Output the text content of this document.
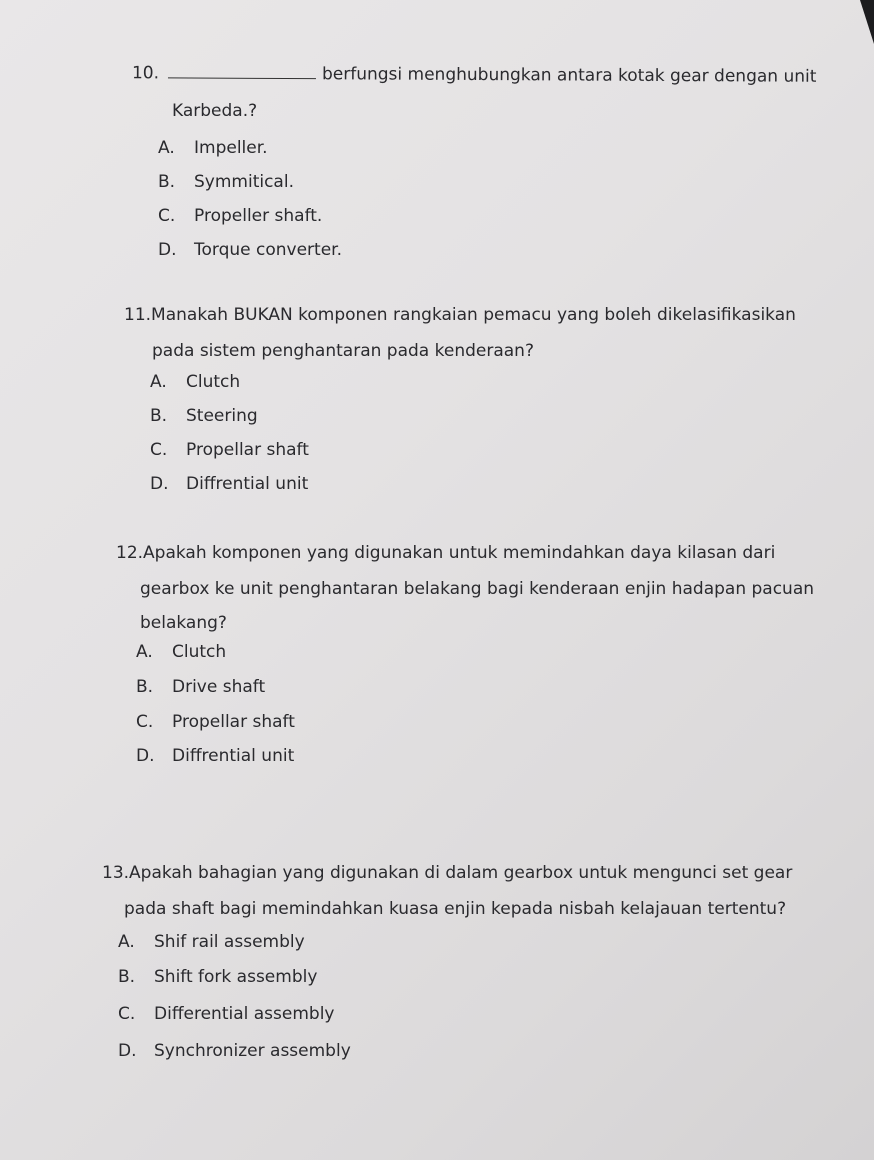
10.	berfungsi menghubungkan antara kotak gear dengan unit
Karbeda.?
A. Impeller.
B. Symmitical.
C. Propeller shaft.
D. Torque converter.
11.Manakah BUKAN komponen rangkaian pemacu yang boleh dikelasifikasikan
pada sistem penghantaran pada kenderaan?
A. Clutch
B. Steering
C. Propellar shaft
D. Diffrential unit
12.Apakah komponen yang digunakan untuk memindahkan daya kilasan dari
gearbox ke unit penghantaran belakang bagi kenderaan enjin hadapan pacuan
belakang?
A. Clutch
B. Drive shaft
C. Propellar shaft
D. Diffrential unit
13.Apakah bahagian yang digunakan di dalam gearbox untuk mengunci set gear
pada shaft bagi memindahkan kuasa enjin kepada nisbah kelajauan tertentu?
A. Shif rail assembly
B. Shift fork assembly
C. Differential assembly
D. Synchronizer assembly
